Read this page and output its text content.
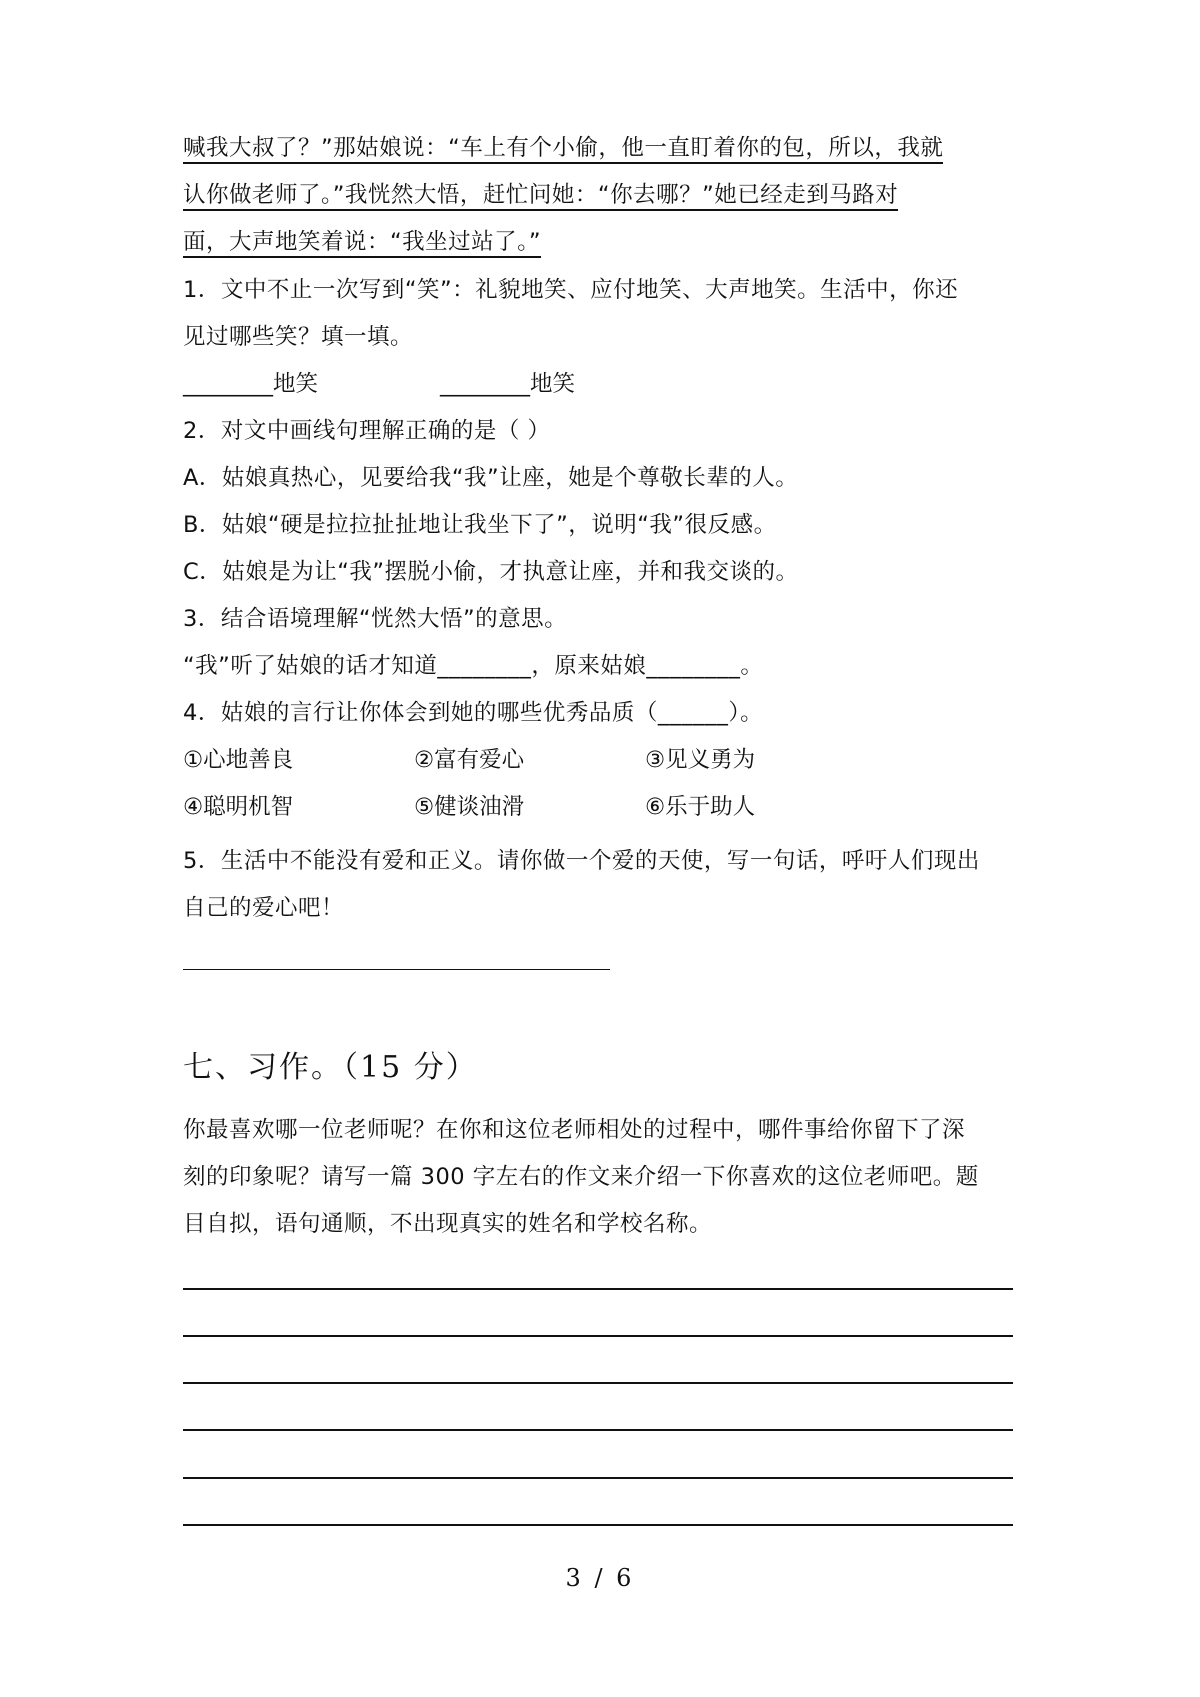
喊我大叔了？”那姑娘说：“车上有个小偷，他一直盯着你的包，所以，我就
认你做老师了。”我恍然大悟，赶忙问她：“你去哪？”她已经走到马路对
面，大声地笑着说：“我坐过站了。”
1．文中不止一次写到“笑”：礼貌地笑、应付地笑、大声地笑。生活中，你还
见过哪些笑？填一填。
________地笑	________地笑
2．对文中画线句理解正确的是（ ）
A．姑娘真热心，见要给我“我”让座，她是个尊敬长辈的人。
B．姑娘“硬是拉拉扯扯地让我坐下了”，说明“我”很反感。
C．姑娘是为让“我”摆脱小偷，才执意让座，并和我交谈的。
3．结合语境理解“恍然大悟”的意思。
“我”听了姑娘的话才知道________，原来姑娘________。
4．姑娘的言行让你体会到她的哪些优秀品质（______）。
①心地善良	②富有爱心	③见义勇为
④聪明机智	⑤健谈油滑	⑥乐于助人
5．生活中不能没有爱和正义。请你做一个爱的天使，写一句话，呼吁人们现出
自己的爱心吧！
七、习作。（15 分）
你最喜欢哪一位老师呢？在你和这位老师相处的过程中，哪件事给你留下了深
刻的印象呢？请写一篇 300 字左右的作文来介绍一下你喜欢的这位老师吧。题
目自拟，语句通顺，不出现真实的姓名和学校名称。
3 / 6
